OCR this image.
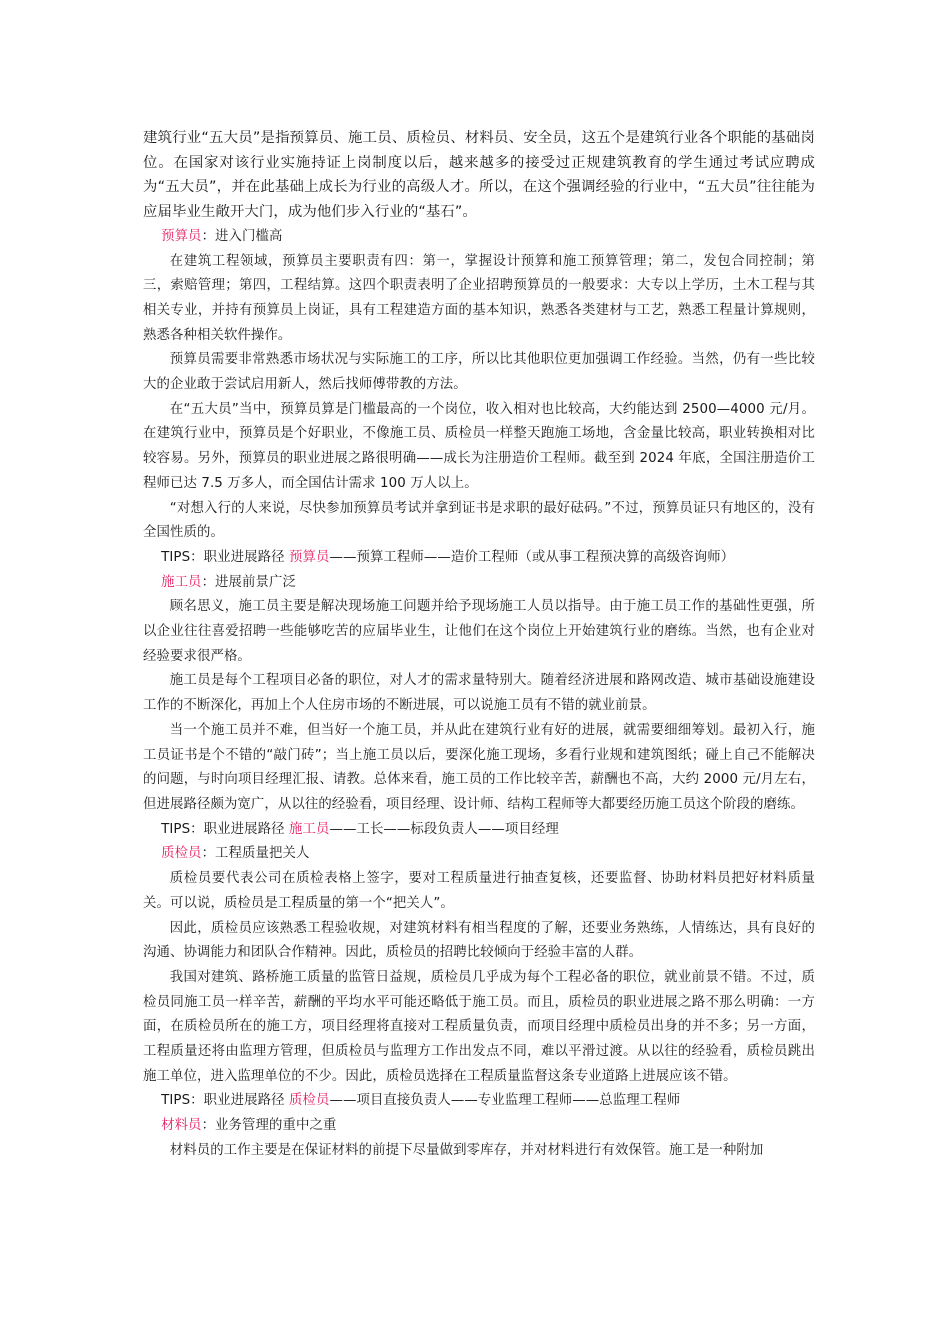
建筑行业“五大员”是指预算员、施工员、质检员、材料员、安全员，这五个是建筑行业各个职能的基础岗位。在国家对该行业实施持证上岗制度以后，越来越多的接受过正规建筑教育的学生通过考试应聘成为“五大员”，并在此基础上成长为行业的高级人才。所以，在这个强调经验的行业中，“五大员”往往能为应届毕业生敞开大门，成为他们步入行业的“基石”。

预算员：进入门槛高

在建筑工程领域，预算员主要职责有四：第一，掌握设计预算和施工预算管理；第二，发包合同控制；第三，索赔管理；第四，工程结算。这四个职责表明了企业招聘预算员的一般要求：大专以上学历，土木工程与其相关专业，并持有预算员上岗证，具有工程建造方面的基本知识，熟悉各类建材与工艺，熟悉工程量计算规则，熟悉各种相关软件操作。

预算员需要非常熟悉市场状况与实际施工的工序，所以比其他职位更加强调工作经验。当然，仍有一些比较大的企业敢于尝试启用新人，然后找师傅带教的方法。

在“五大员”当中，预算员算是门槛最高的一个岗位，收入相对也比较高，大约能达到 2500—4000 元/月。在建筑行业中，预算员是个好职业，不像施工员、质检员一样整天跑施工场地，含金量比较高，职业转换相对比较容易。另外，预算员的职业进展之路很明确——成长为注册造价工程师。截至到 2024 年底，全国注册造价工程师已达 7.5 万多人，而全国估计需求 100 万人以上。

“对想入行的人来说，尽快参加预算员考试并拿到证书是求职的最好砝码。”不过，预算员证只有地区的，没有全国性质的。

TIPS：职业进展路径 预算员——预算工程师——造价工程师（或从事工程预决算的高级咨询师）

施工员：进展前景广泛

顾名思义，施工员主要是解决现场施工问题并给予现场施工人员以指导。由于施工员工作的基础性更强，所以企业往往喜爱招聘一些能够吃苦的应届毕业生，让他们在这个岗位上开始建筑行业的磨练。当然，也有企业对经验要求很严格。

施工员是每个工程项目必备的职位，对人才的需求量特别大。随着经济进展和路网改造、城市基础设施建设工作的不断深化，再加上个人住房市场的不断进展，可以说施工员有不错的就业前景。

当一个施工员并不难，但当好一个施工员，并从此在建筑行业有好的进展，就需要细细筹划。最初入行，施工员证书是个不错的“敲门砖”；当上施工员以后，要深化施工现场，多看行业规和建筑图纸；碰上自己不能解决的问题，与时向项目经理汇报、请教。总体来看，施工员的工作比较辛苦，薪酬也不高，大约 2000 元/月左右，但进展路径颇为宽广，从以往的经验看，项目经理、设计师、结构工程师等大都要经历施工员这个阶段的磨练。

TIPS：职业进展路径 施工员——工长——标段负责人——项目经理

质检员：工程质量把关人

质检员要代表公司在质检表格上签字，要对工程质量进行抽查复核，还要监督、协助材料员把好材料质量关。可以说，质检员是工程质量的第一个“把关人”。

因此，质检员应该熟悉工程验收规，对建筑材料有相当程度的了解，还要业务熟练，人情练达，具有良好的沟通、协调能力和团队合作精神。因此，质检员的招聘比较倾向于经验丰富的人群。

我国对建筑、路桥施工质量的监管日益规，质检员几乎成为每个工程必备的职位，就业前景不错。不过，质检员同施工员一样辛苦，薪酬的平均水平可能还略低于施工员。而且，质检员的职业进展之路不那么明确：一方面，在质检员所在的施工方，项目经理将直接对工程质量负责，而项目经理中质检员出身的并不多；另一方面，工程质量还将由监理方管理，但质检员与监理方工作出发点不同，难以平滑过渡。从以往的经验看，质检员跳出施工单位，进入监理单位的不少。因此，质检员选择在工程质量监督这条专业道路上进展应该不错。

TIPS：职业进展路径 质检员——项目直接负责人——专业监理工程师——总监理工程师

材料员：业务管理的重中之重

材料员的工作主要是在保证材料的前提下尽量做到零库存，并对材料进行有效保管。施工是一种附加
